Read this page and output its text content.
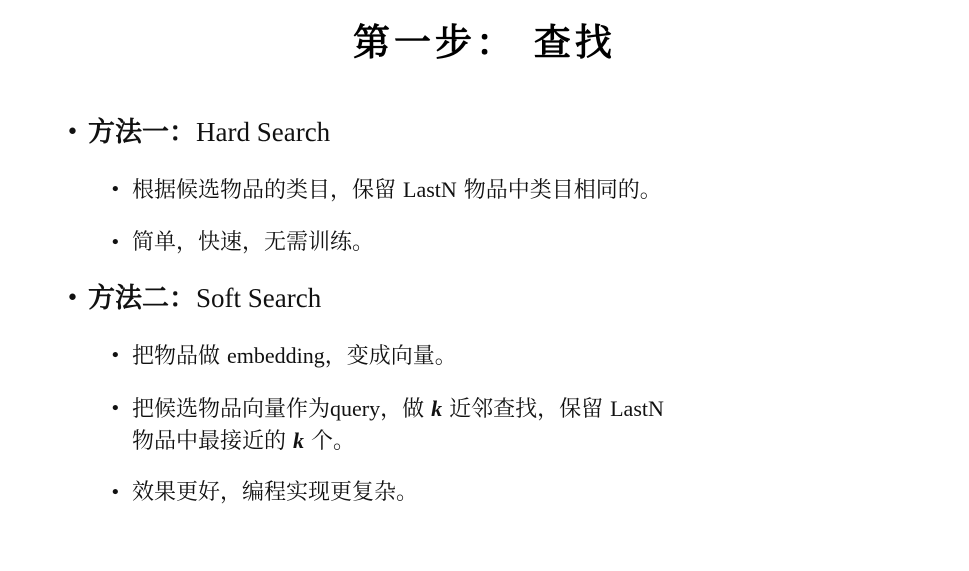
第一步： 查找
• 方法一：Hard Search
• 根据候选物品的类目，保留 LastN 物品中类目相同的。
• 简单，快速，无需训练。
• 方法二：Soft Search
• 把物品做 embedding，变成向量。
• 把候选物品向量作为query，做 k 近邻查找，保留 LastN
物品中最接近的 k 个。
• 效果更好，编程实现更复杂。
